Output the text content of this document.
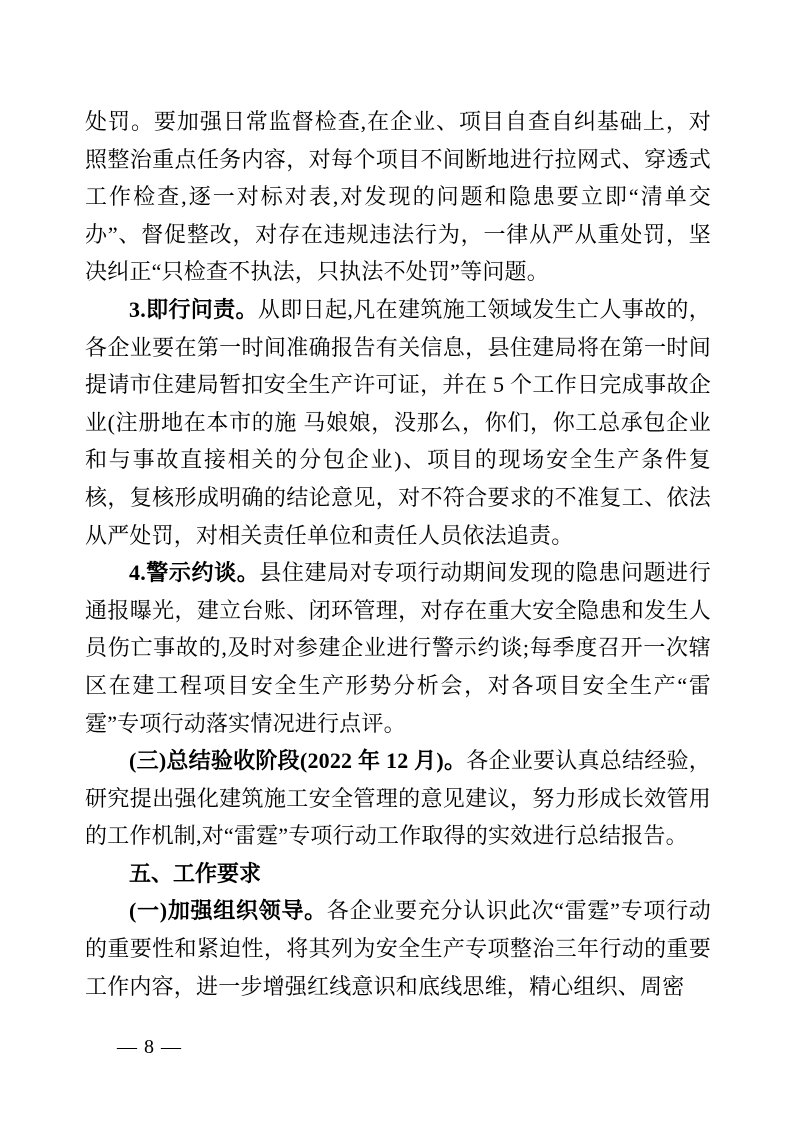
处罚。要加强日常监督检查,在企业、项目自查自纠基础上，对照整治重点任务内容，对每个项目不间断地进行拉网式、穿透式工作检查,逐一对标对表,对发现的问题和隐患要立即“清单交办”、督促整改，对存在违规违法行为，一律从严从重处罚，坚决纠正“只检查不执法，只执法不处罚”等问题。

3.即行问责。从即日起,凡在建筑施工领域发生亡人事故的，各企业要在第一时间准确报告有关信息，县住建局将在第一时间提请市住建局暂扣安全生产许可证，并在 5 个工作日完成事故企业(注册地在本市的施 马娘娘，没那么，你们，你工总承包企业和与事故直接相关的分包企业)、项目的现场安全生产条件复核，复核形成明确的结论意见，对不符合要求的不准复工、依法从严处罚，对相关责任单位和责任人员依法追责。

4.警示约谈。县住建局对专项行动期间发现的隐患问题进行通报曝光，建立台账、闭环管理，对存在重大安全隐患和发生人员伤亡事故的,及时对参建企业进行警示约谈;每季度召开一次辖区在建工程项目安全生产形势分析会，对各项目安全生产“雷霆”专项行动落实情况进行点评。

(三)总结验收阶段(2022 年 12 月)。各企业要认真总结经验，研究提出强化建筑施工安全管理的意见建议，努力形成长效管用的工作机制,对“雷霆”专项行动工作取得的实效进行总结报告。

五、工作要求

(一)加强组织领导。各企业要充分认识此次“雷霆”专项行动的重要性和紧迫性，将其列为安全生产专项整治三年行动的重要工作内容，进一步增强红线意识和底线思维，精心组织、周密

— 8 —
